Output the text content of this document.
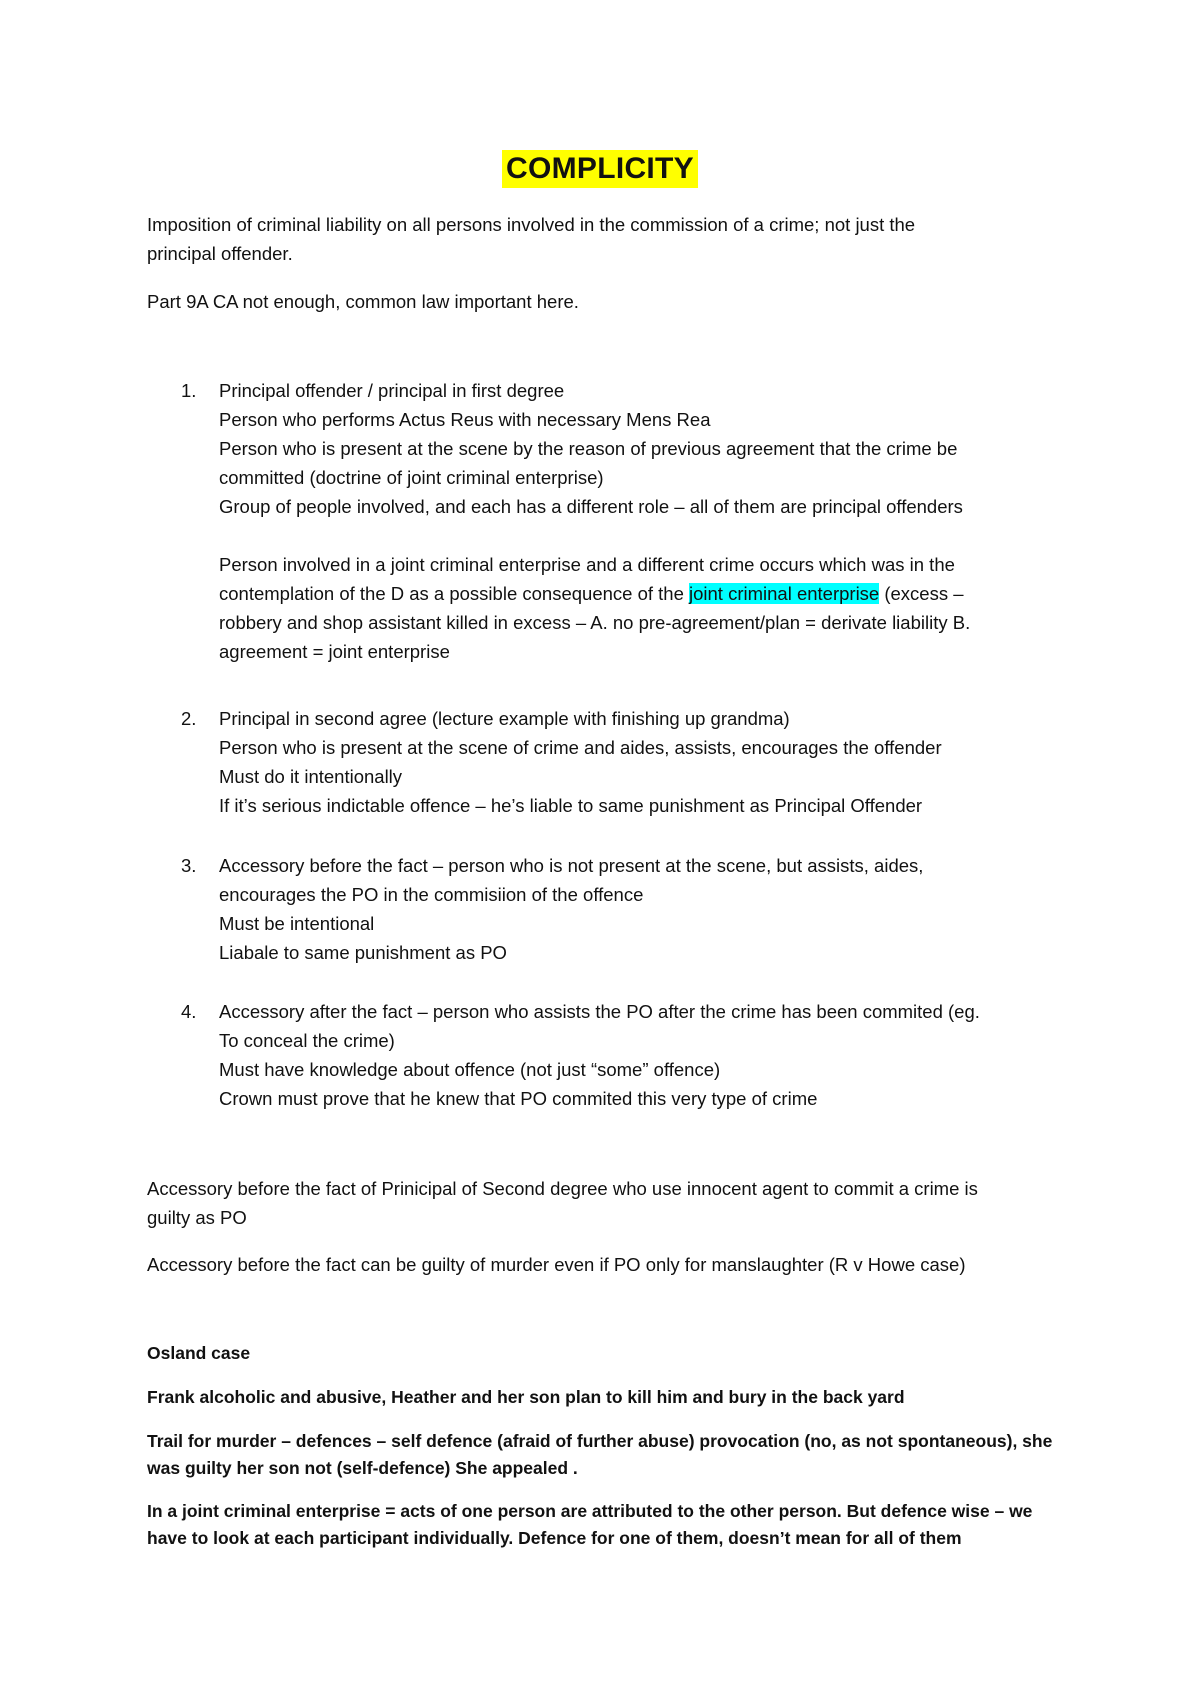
COMPLICITY
Imposition of criminal liability on all persons involved in the commission of a crime; not just the
principal offender.
Part 9A CA not enough, common law important here.
1. Principal offender / principal in first degree
Person who performs Actus Reus with necessary Mens Rea
Person who is present at the scene by the reason of previous agreement that the crime be
committed (doctrine of joint criminal enterprise)
Group of people involved, and each has a different role – all of them are principal offenders
Person involved in a joint criminal enterprise and a different crime occurs which was in the
contemplation of the D as a possible consequence of the joint criminal enterprise (excess –
robbery and shop assistant killed in excess – A. no pre-agreement/plan = derivate liability B.
agreement = joint enterprise
2. Principal in second agree (lecture example with finishing up grandma)
Person who is present at the scene of crime and aides, assists, encourages the offender
Must do it intentionally
If it’s serious indictable offence – he’s liable to same punishment as Principal Offender
3. Accessory before the fact – person who is not present at the scene, but assists, aides,
encourages the PO in the commisiion of the offence
Must be intentional
Liabale to same punishment as PO
4. Accessory after the fact – person who assists the PO after the crime has been commited (eg.
To conceal the crime)
Must have knowledge about offence (not just “some” offence)
Crown must prove that he knew that PO commited this very type of crime
Accessory before the fact of Prinicipal of Second degree who use innocent agent to commit a crime is
guilty as PO
Accessory before the fact can be guilty of murder even if PO only for manslaughter (R v Howe case)
Osland case
Frank alcoholic and abusive, Heather and her son plan to kill him and bury in the back yard
Trail for murder – defences – self defence (afraid of further abuse) provocation (no, as not spontaneous), she
was guilty her son not (self-defence) She appealed .
In a joint criminal enterprise = acts of one person are attributed to the other person. But defence wise – we
have to look at each participant individually. Defence for one of them, doesn’t mean for all of them
